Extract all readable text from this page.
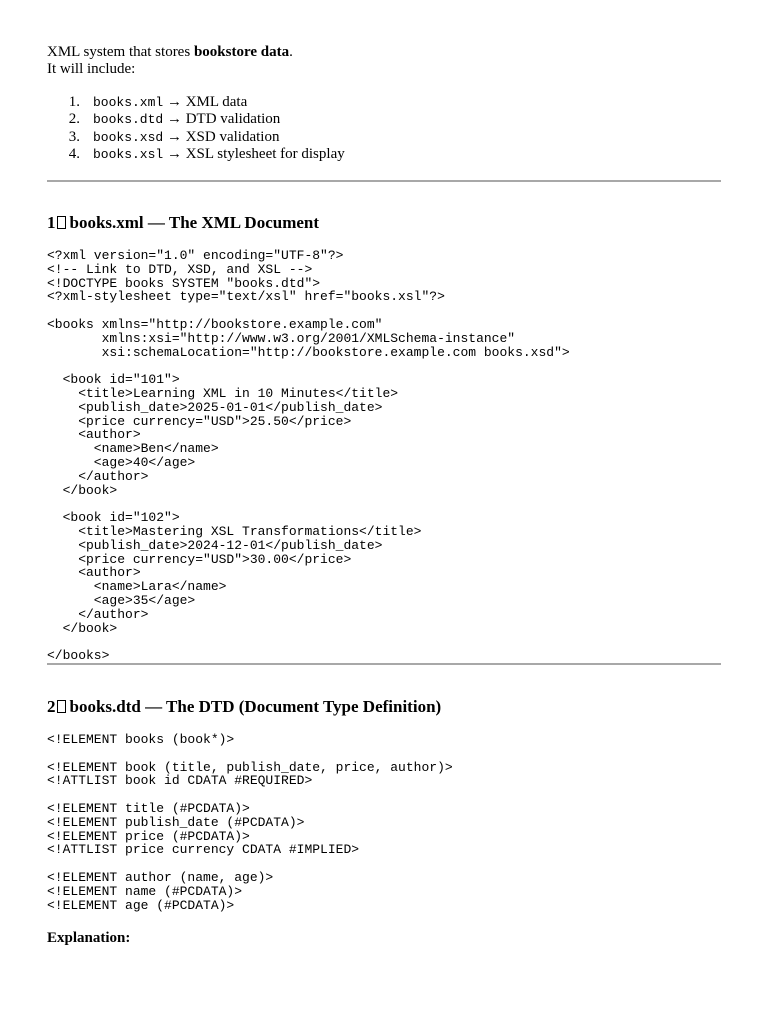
XML system that stores bookstore data.
It will include:
1. books.xml → XML data
2. books.dtd → DTD validation
3. books.xsd → XSD validation
4. books.xsl → XSL stylesheet for display
1 books.xml — The XML Document
<?xml version="1.0" encoding="UTF-8"?>
<!-- Link to DTD, XSD, and XSL -->
<!DOCTYPE books SYSTEM "books.dtd">
<?xml-stylesheet type="text/xsl" href="books.xsl"?>

<books xmlns="http://bookstore.example.com"
xmlns:xsi="http://www.w3.org/2001/XMLSchema-instance"
xsi:schemaLocation="http://bookstore.example.com books.xsd">

<book id="101">
<title>Learning XML in 10 Minutes</title>
<publish_date>2025-01-01</publish_date>
<price currency="USD">25.50</price>
<author>
<name>Ben</name>
<age>40</age>
</author>
</book>

<book id="102">
<title>Mastering XSL Transformations</title>
<publish_date>2024-12-01</publish_date>
<price currency="USD">30.00</price>
<author>
<name>Lara</name>
<age>35</age>
</author>
</book>

</books>
2 books.dtd — The DTD (Document Type Definition)
<!ELEMENT books (book*)>

<!ELEMENT book (title, publish_date, price, author)>
<!ATTLIST book id CDATA #REQUIRED>

<!ELEMENT title (#PCDATA)>
<!ELEMENT publish_date (#PCDATA)>
<!ELEMENT price (#PCDATA)>
<!ATTLIST price currency CDATA #IMPLIED>

<!ELEMENT author (name, age)>
<!ELEMENT name (#PCDATA)>
<!ELEMENT age (#PCDATA)>
Explanation:
